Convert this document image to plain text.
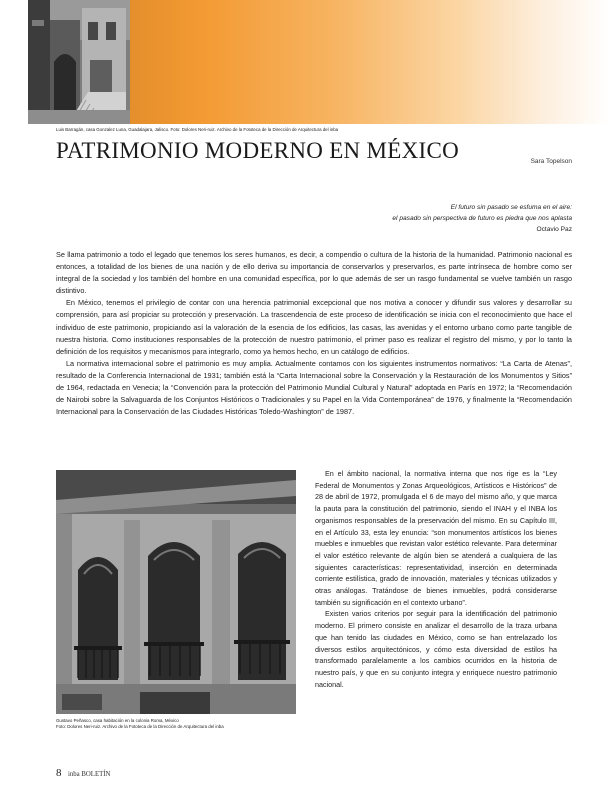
Luis Barragán, casa Gonzalez Luna, Guadalajara, Jalisco. Foto: Dolores Neri-ruiz. Archivo de la Fototeca de la Dirección de Arquitectura del inba
PATRIMONIO MODERNO EN MÉXICO	Sara Topelson
El futuro sin pasado se esfuma en el aire:
el pasado sin perspectiva de futuro es piedra que nos aplasta
Octavio Paz

Se llama patrimonio a todo el legado que tenemos los seres humanos, es decir, a compendio o cultura de la historia de la humanidad. Patrimonio nacional es entonces, a totalidad de los bienes de una nación y de ello deriva su importancia de conservarlos y preservarlos, es parte intrínseca de hombre como ser integral de la sociedad y los también del hombre en una comunidad específica, por lo que además de ser un rasgo fundamental se vuelve también un rasgo distintivo.

En México, tenemos el privilegio de contar con una herencia patrimonial excepcional que nos motiva a conocer y difundir sus valores y desarrollar su comprensión, para así propiciar su protección y preservación. La trascendencia de este proceso de identificación se inicia con el reconocimiento que hace el individuo de este patrimonio, propiciando así la valoración de la esencia de los edificios, las casas, las avenidas y el entorno urbano como parte tangible de nuestra historia. Como instituciones responsables de la protección de nuestro patrimonio, el primer paso es realizar el registro del mismo, y por lo tanto la definición de los requisitos y mecanismos para integrarlo, como ya hemos hecho, en un catálogo de edificios.

La normativa internacional sobre el patrimonio es muy amplia. Actualmente contamos con los siguientes instrumentos normativos: “La Carta de Atenas”, resultado de la Conferencia Internacional de 1931; también está la “Carta Internacional sobre la Conservación y la Restauración de los Monumentos y Sitios” de 1964, redactada en Venecia; la “Convención para la protección del Patrimonio Mundial Cultural y Natural” adoptada en París en 1972; la “Recomendación de Nairobi sobre la Salvaguarda de los Conjuntos Históricos o Tradicionales y su Papel en la Vida Contemporánea” de 1976, y finalmente la “Recomendación Internacional para la Conservación de las Ciudades Históricas Toledo-Washington” de 1987.

Gustavo Peñasco, casa habitación en la colonia Roma, México
Foto: Dolores Neri-ruiz. Archivo de la Fototeca de la Dirección de Arquitectura del inba

En el ámbito nacional, la normativa interna que nos rige es la “Ley Federal de Monumentos y Zonas Arqueológicos, Artísticos e Históricos” de 28 de abril de 1972, promulgada el 6 de mayo del mismo año, y que marca la pauta para la constitución del patrimonio, siendo el INAH y el INBA los organismos responsables de la preservación del mismo. En su Capítulo III, en el Artículo 33, esta ley enuncia: “son monumentos artísticos los bienes muebles e inmuebles que revistan valor estético relevante. Para determinar el valor estético relevante de algún bien se atenderá a cualquiera de las siguientes características: representatividad, inserción en determinada corriente estilística, grado de innovación, materiales y técnicas utilizados y otras análogas. Tratándose de bienes inmuebles, podrá considerarse también su significación en el contexto urbano”.

Existen varios criterios por seguir para la identificación del patrimonio moderno. El primero consiste en analizar el desarrollo de la traza urbana que han tenido las ciudades en México, como se han entrelazado los diversos estilos arquitectónicos, y cómo esta diversidad de estilos ha transformado paralelamente a los cambios ocurridos en la historia de nuestro país, y que en su conjunto integra y enriquece nuestro patrimonio nacional.

8 inba BOLETÍN
